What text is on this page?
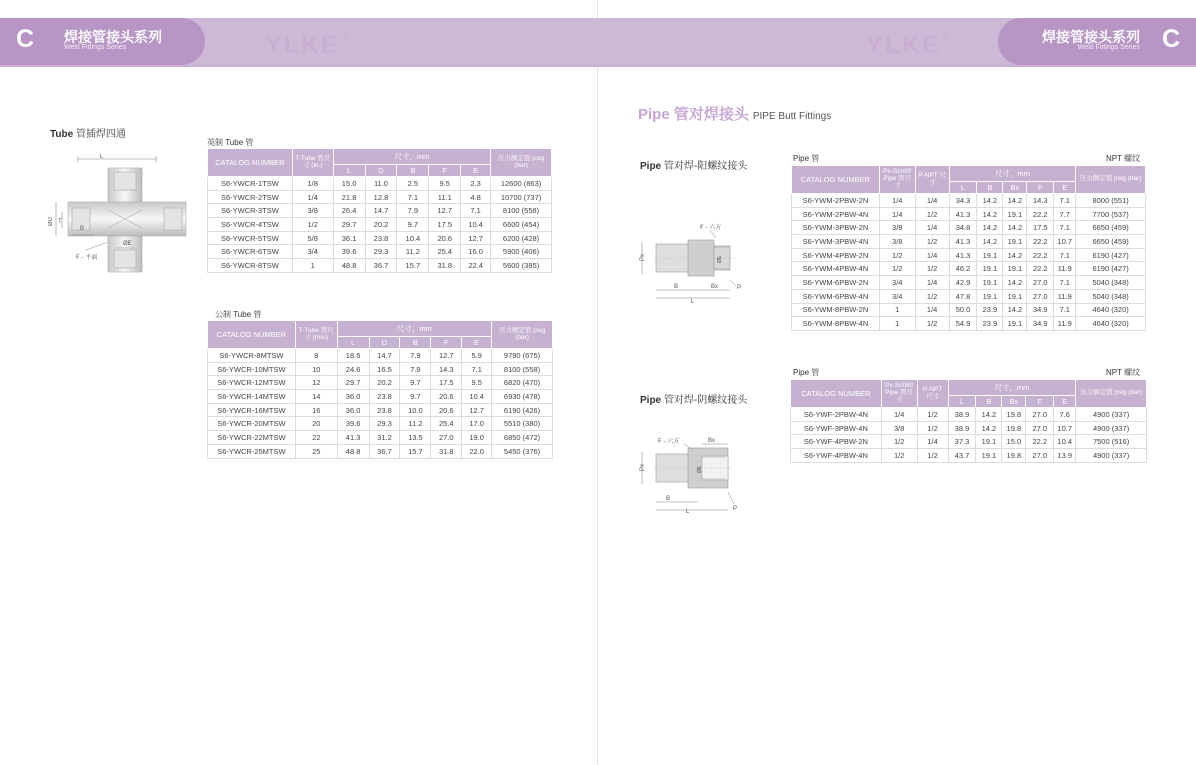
C 焊接管接头系列
Weld Fittings Series	YLKE ®
Tube 管插焊四通
L
ØD T
B
ØE
F - 平面
英制 Tube 管
CATALOG NUMBER	T-Tube 管尺寸 (in.)	尺寸，mm					压力额定值 psig (bar)
		L	D	B	F	E	
S6-YWCR-1TSW	1/8	15.0	11.0	2.5	9.5	2.3	12600 (863)
S6-YWCR-2TSW	1/4	21.8	12.8	7.1	11.1	4.8	10700 (737)
S6-YWCR-3TSW	3/8	26.4	14.7	7.9	12.7	7.1	8100 (558)
S6-YWCR-4TSW	1/2	29.7	20.2	9.7	17.5	10.4	6600 (454)
S6-YWCR-5TSW	5/8	36.1	23.8	10.4	20.6	12.7	6200 (428)
S6-YWCR-6TSW	3/4	39.6	29.3	11.2	25.4	16.0	5900 (406)
S6-YWCR-8TSW	1	48.8	36.7	15.7	31.8	22.4	5600 (385)
公制 Tube 管
CATALOG NUMBER	T-Tube 管尺寸 (mm)	尺寸，mm					压力额定值 psig (bar)
		L	D	B	F	E	
S6-YWCR-8MTSW	8	18.5	14.7	7.9	12.7	5.9	9790 (675)
S6-YWCR-10MTSW	10	24.6	16.5	7.9	14.3	7.1	8100 (558)
S6-YWCR-12MTSW	12	29.7	20.2	9.7	17.5	9.5	6820 (470)
S6-YWCR-14MTSW	14	36.0	23.8	9.7	20.6	10.4	6930 (478)
S6-YWCR-16MTSW	16	36.0	23.8	10.0	20.6	12.7	6190 (426)
S6-YWCR-20MTSW	20	39.6	29.3	11.2	25.4	17.0	5510 (380)
S6-YWCR-22MTSW	22	41.3	31.2	13.5	27.0	19.0	6850 (472)
S6-YWCR-25MTSW	25	48.8	36.7	15.7	31.8	22.0	5450 (376)
焊接管接头系列
Weld Fittings Series C
YLKE ®
Pipe 管对焊接头 PIPE Butt Fittings
Pipe 管对焊-阳螺纹接头
F - 六方
Px	ØE
B	Bx
L
P
Pipe 管	NPT 螺纹
CATALOG NUMBER	Px-Sch80 Pipe 管尺寸	P-NPT 尺寸	尺寸，mm					压力额定值 psig (bar)
			L	B	Bx	F	E	
S6-YWM-2PBW-2N	1/4	1/4	34.3	14.2	14.2	14.3	7.1	8000 (551)
S6-YWM-2PBW-4N	1/4	1/2	41.3	14.2	19.1	22.2	7.7	7700 (537)
S6-YWM-3PBW-2N	3/8	1/4	34.8	14.2	14.2	17.5	7.1	6650 (459)
S6-YWM-3PBW-4N	3/8	1/2	41.3	14.2	19.1	22.2	10.7	6650 (459)
S6-YWM-4PBW-2N	1/2	1/4	41.3	19.1	14.2	22.2	7.1	6190 (427)
S6-YWM-4PBW-4N	1/2	1/2	46.2	19.1	19.1	22.2	11.9	6190 (427)
S6-YWM-6PBW-2N	3/4	1/4	42.9	19.1	14.2	27.0	7.1	5040 (348)
S6-YWM-6PBW-4N	3/4	1/2	47.8	19.1	19.1	27.0	11.9	5040 (348)
S6-YWM-8PBW-2N	1	1/4	50.0	23.9	14.2	34.9	7.1	4640 (320)
S6-YWM-8PBW-4N	1	1/2	54.9	23.9	19.1	34.9	11.9	4640 (320)
Pipe 管对焊-阴螺纹接头
F - 六方	Bx
Px	ØE
B
L	P
Pipe 管	NPT 螺纹
CATALOG NUMBER	Px-Sch80 Pipe 管尺寸	P-NPT 尺寸	尺寸，mm					压力额定值 psig (bar)
			L	B	Bx	F	E	
S6-YWF-2PBW-4N	1/4	1/2	38.9	14.2	19.8	27.0	7.6	4900 (337)
S6-YWF-3PBW-4N	3/8	1/2	38.9	14.2	19.8	27.0	10.7	4900 (337)
S6-YWF-4PBW-2N	1/2	1/4	37.3	19.1	15.0	22.2	10.4	7500 (516)
S6-YWF-4PBW-4N	1/2	1/2	43.7	19.1	19.8	27.0	13.9	4900 (337)
